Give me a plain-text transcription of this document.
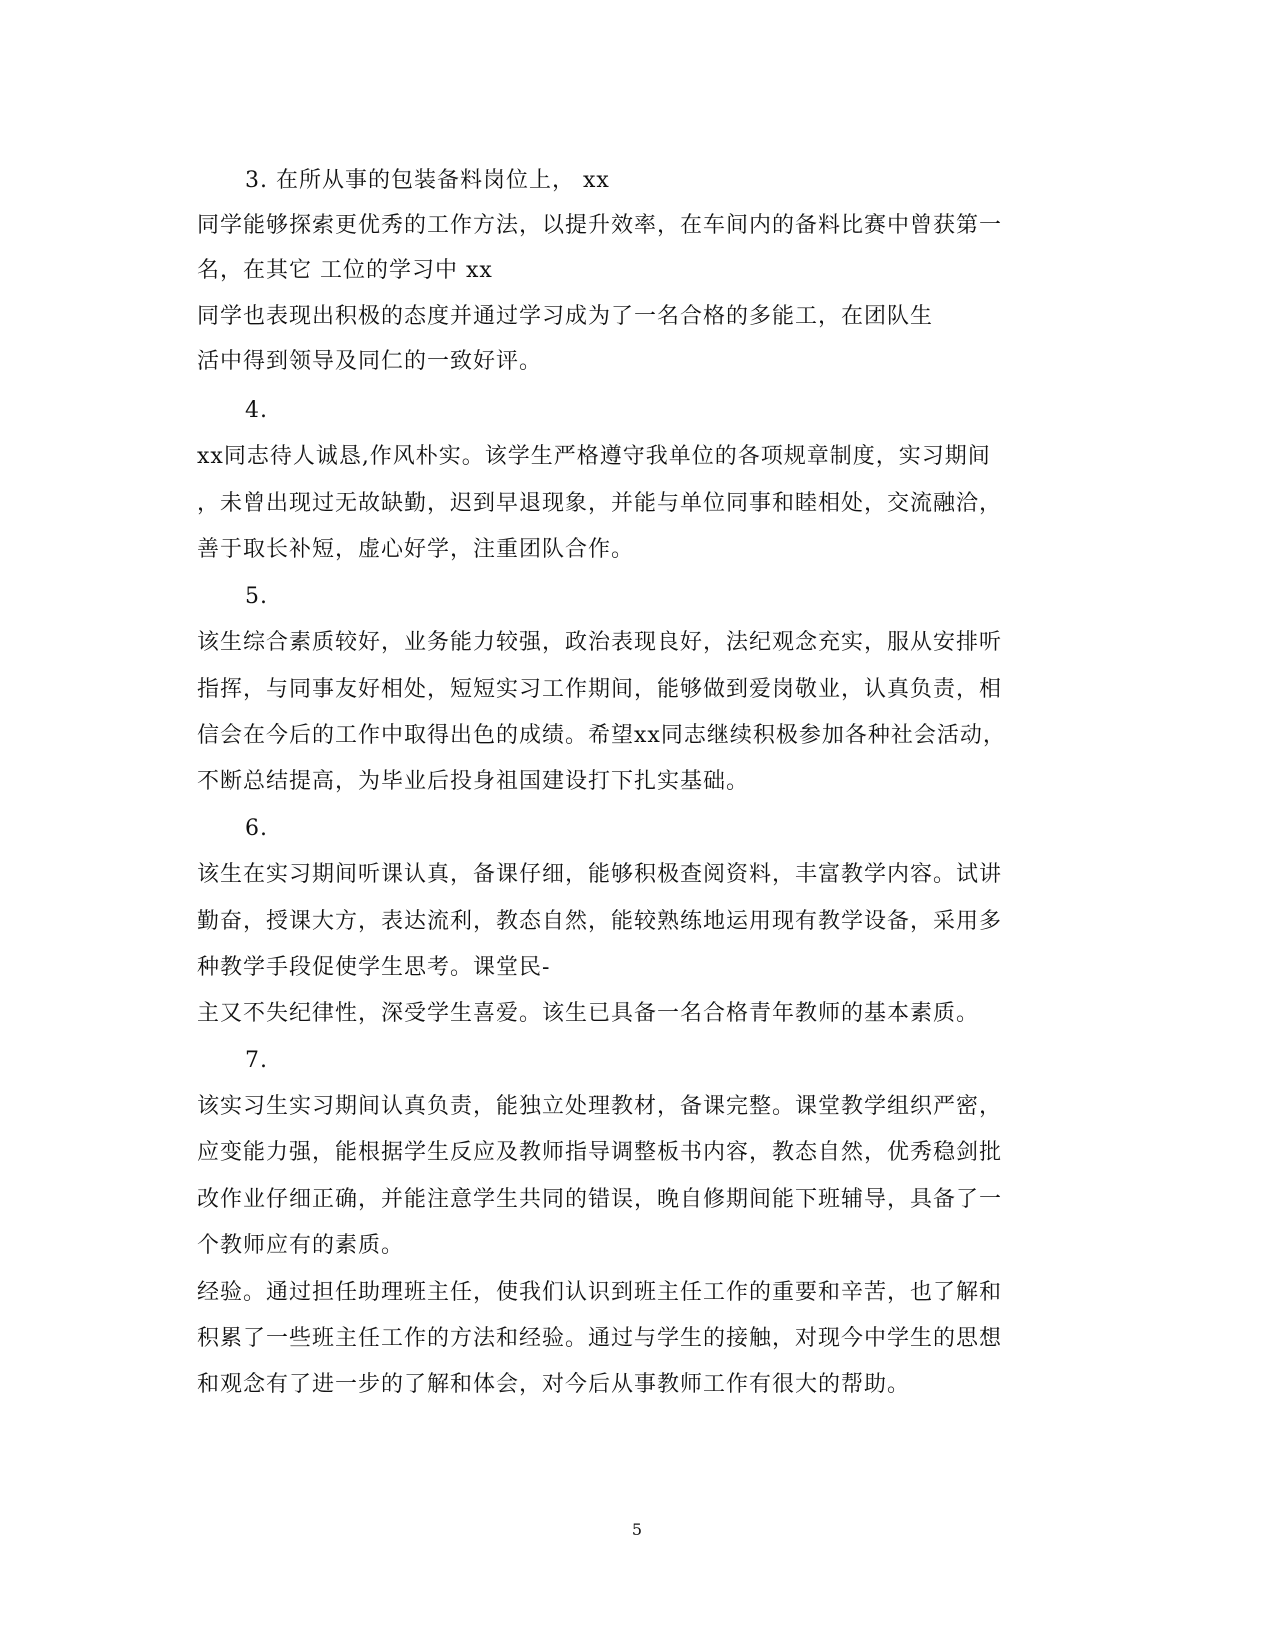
3. 在所从事的包装备料岗位上， xx
同学能够探索更优秀的工作方法，以提升效率，在车间内的备料比赛中曾获第一
名，在其它 工位的学习中 xx
同学也表现出积极的态度并通过学习成为了一名合格的多能工，在团队生
活中得到领导及同仁的一致好评。
4.
xx同志待人诚恳,作风朴实。该学生严格遵守我单位的各项规章制度，实习期间
，未曾出现过无故缺勤，迟到早退现象，并能与单位同事和睦相处，交流融洽，
善于取长补短，虚心好学，注重团队合作。
5.
该生综合素质较好，业务能力较强，政治表现良好，法纪观念充实，服从安排听
指挥，与同事友好相处，短短实习工作期间，能够做到爱岗敬业，认真负责，相
信会在今后的工作中取得出色的成绩。希望xx同志继续积极参加各种社会活动，
不断总结提高，为毕业后投身祖国建设打下扎实基础。
6.
该生在实习期间听课认真，备课仔细，能够积极查阅资料，丰富教学内容。试讲
勤奋，授课大方，表达流利，教态自然，能较熟练地运用现有教学设备，采用多
种教学手段促使学生思考。课堂民-
主又不失纪律性，深受学生喜爱。该生已具备一名合格青年教师的基本素质。
7.
该实习生实习期间认真负责，能独立处理教材，备课完整。课堂教学组织严密，
应变能力强，能根据学生反应及教师指导调整板书内容，教态自然，优秀稳剑批
改作业仔细正确，并能注意学生共同的错误，晚自修期间能下班辅导，具备了一
个教师应有的素质。
经验。通过担任助理班主任，使我们认识到班主任工作的重要和辛苦，也了解和
积累了一些班主任工作的方法和经验。通过与学生的接触，对现今中学生的思想
和观念有了进一步的了解和体会，对今后从事教师工作有很大的帮助。
5
